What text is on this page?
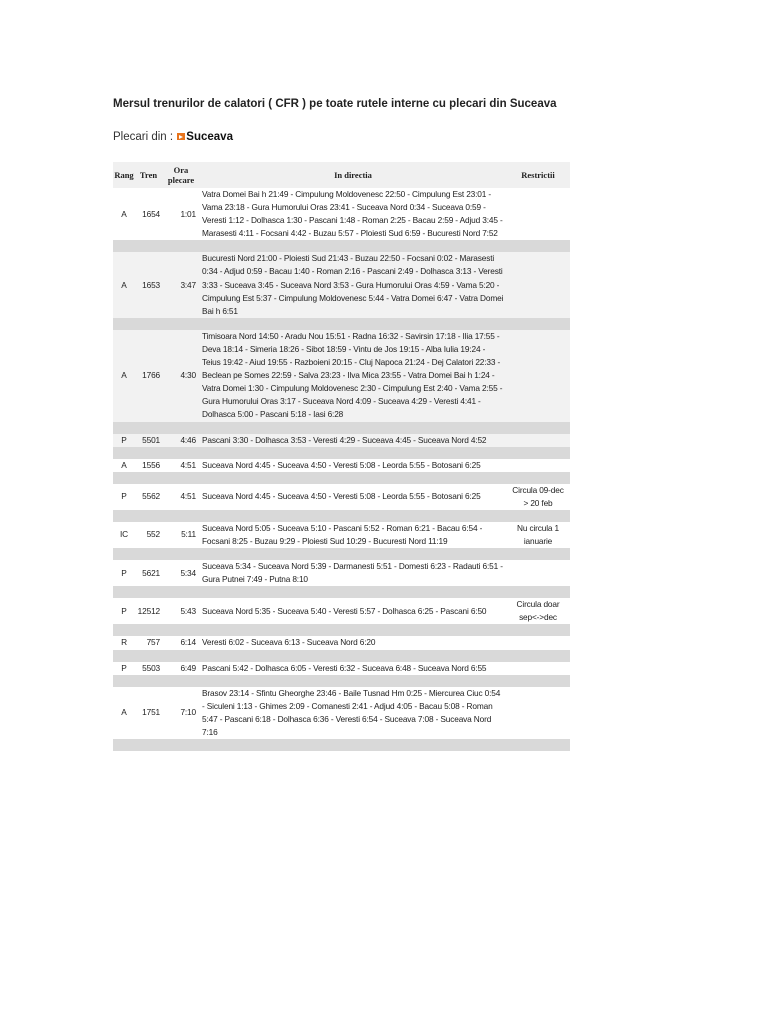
Mersul trenurilor de calatori ( CFR ) pe toate rutele interne cu plecari din Suceava
Plecari din : Suceava
Rang	Tren	Ora plecare	In directia	Restrictii
A	1654	1:01	Vatra Domei Bai h 21:49 - Cimpulung Moldovenesc 22:50 - Cimpulung Est 23:01 - Vama 23:18 - Gura Humorului Oras 23:41 - Suceava Nord 0:34 - Suceava 0:59 - Veresti 1:12 - Dolhasca 1:30 - Pascani 1:48 - Roman 2:25 - Bacau 2:59 - Adjud 3:45 - Marasesti 4:11 - Focsani 4:42 - Buzau 5:57 - Ploiesti Sud 6:59 - Bucuresti Nord 7:52	

A	1653	3:47	Bucuresti Nord 21:00 - Ploiesti Sud 21:43 - Buzau 22:50 - Focsani 0:02 - Marasesti 0:34 - Adjud 0:59 - Bacau 1:40 - Roman 2:16 - Pascani 2:49 - Dolhasca 3:13 - Veresti 3:33 - Suceava 3:45 - Suceava Nord 3:53 - Gura Humorului Oras 4:59 - Vama 5:20 - Cimpulung Est 5:37 - Cimpulung Moldovenesc 5:44 - Vatra Domei 6:47 - Vatra Domei Bai h 6:51	

A	1766	4:30	Timisoara Nord 14:50 - Aradu Nou 15:51 - Radna 16:32 - Savirsin 17:18 - Ilia 17:55 - Deva 18:14 - Simeria 18:26 - Sibot 18:59 - Vintu de Jos 19:15 - Alba Iulia 19:24 - Teius 19:42 - Aiud 19:55 - Razboieni 20:15 - Cluj Napoca 21:24 - Dej Calatori 22:33 - Beclean pe Somes 22:59 - Salva 23:23 - Ilva Mica 23:55 - Vatra Domei Bai h 1:24 - Vatra Domei 1:30 - Cimpulung Moldovenesc 2:30 - Cimpulung Est 2:40 - Vama 2:55 - Gura Humorului Oras 3:17 - Suceava Nord 4:09 - Suceava 4:29 - Veresti 4:41 - Dolhasca 5:00 - Pascani 5:18 - Iasi 6:28	

P	5501	4:46	Pascani 3:30 - Dolhasca 3:53 - Veresti 4:29 - Suceava 4:45 - Suceava Nord 4:52	

A	1556	4:51	Suceava Nord 4:45 - Suceava 4:50 - Veresti 5:08 - Leorda 5:55 - Botosani 6:25	

P	5562	4:51	Suceava Nord 4:45 - Suceava 4:50 - Veresti 5:08 - Leorda 5:55 - Botosani 6:25	Circula 09-dec > 20 feb

IC	552	5:11	Suceava Nord 5:05 - Suceava 5:10 - Pascani 5:52 - Roman 6:21 - Bacau 6:54 - Focsani 8:25 - Buzau 9:29 - Ploiesti Sud 10:29 - Bucuresti Nord 11:19	Nu circula 1 ianuarie

P	5621	5:34	Suceava 5:34 - Suceava Nord 5:39 - Darmanesti 5:51 - Domesti 6:23 - Radauti 6:51 - Gura Putnei 7:49 - Putna 8:10	

P	12512	5:43	Suceava Nord 5:35 - Suceava 5:40 - Veresti 5:57 - Dolhasca 6:25 - Pascani 6:50	Circula doar sep<->dec

R	757	6:14	Veresti 6:02 - Suceava 6:13 - Suceava Nord 6:20	

P	5503	6:49	Pascani 5:42 - Dolhasca 6:05 - Veresti 6:32 - Suceava 6:48 - Suceava Nord 6:55	

A	1751	7:10	Brasov 23:14 - Sfintu Gheorghe 23:46 - Baile Tusnad Hm 0:25 - Miercurea Ciuc 0:54 - Siculeni 1:13 - Ghimes 2:09 - Comanesti 2:41 - Adjud 4:05 - Bacau 5:08 - Roman 5:47 - Pascani 6:18 - Dolhasca 6:36 - Veresti 6:54 - Suceava 7:08 - Suceava Nord 7:16	
